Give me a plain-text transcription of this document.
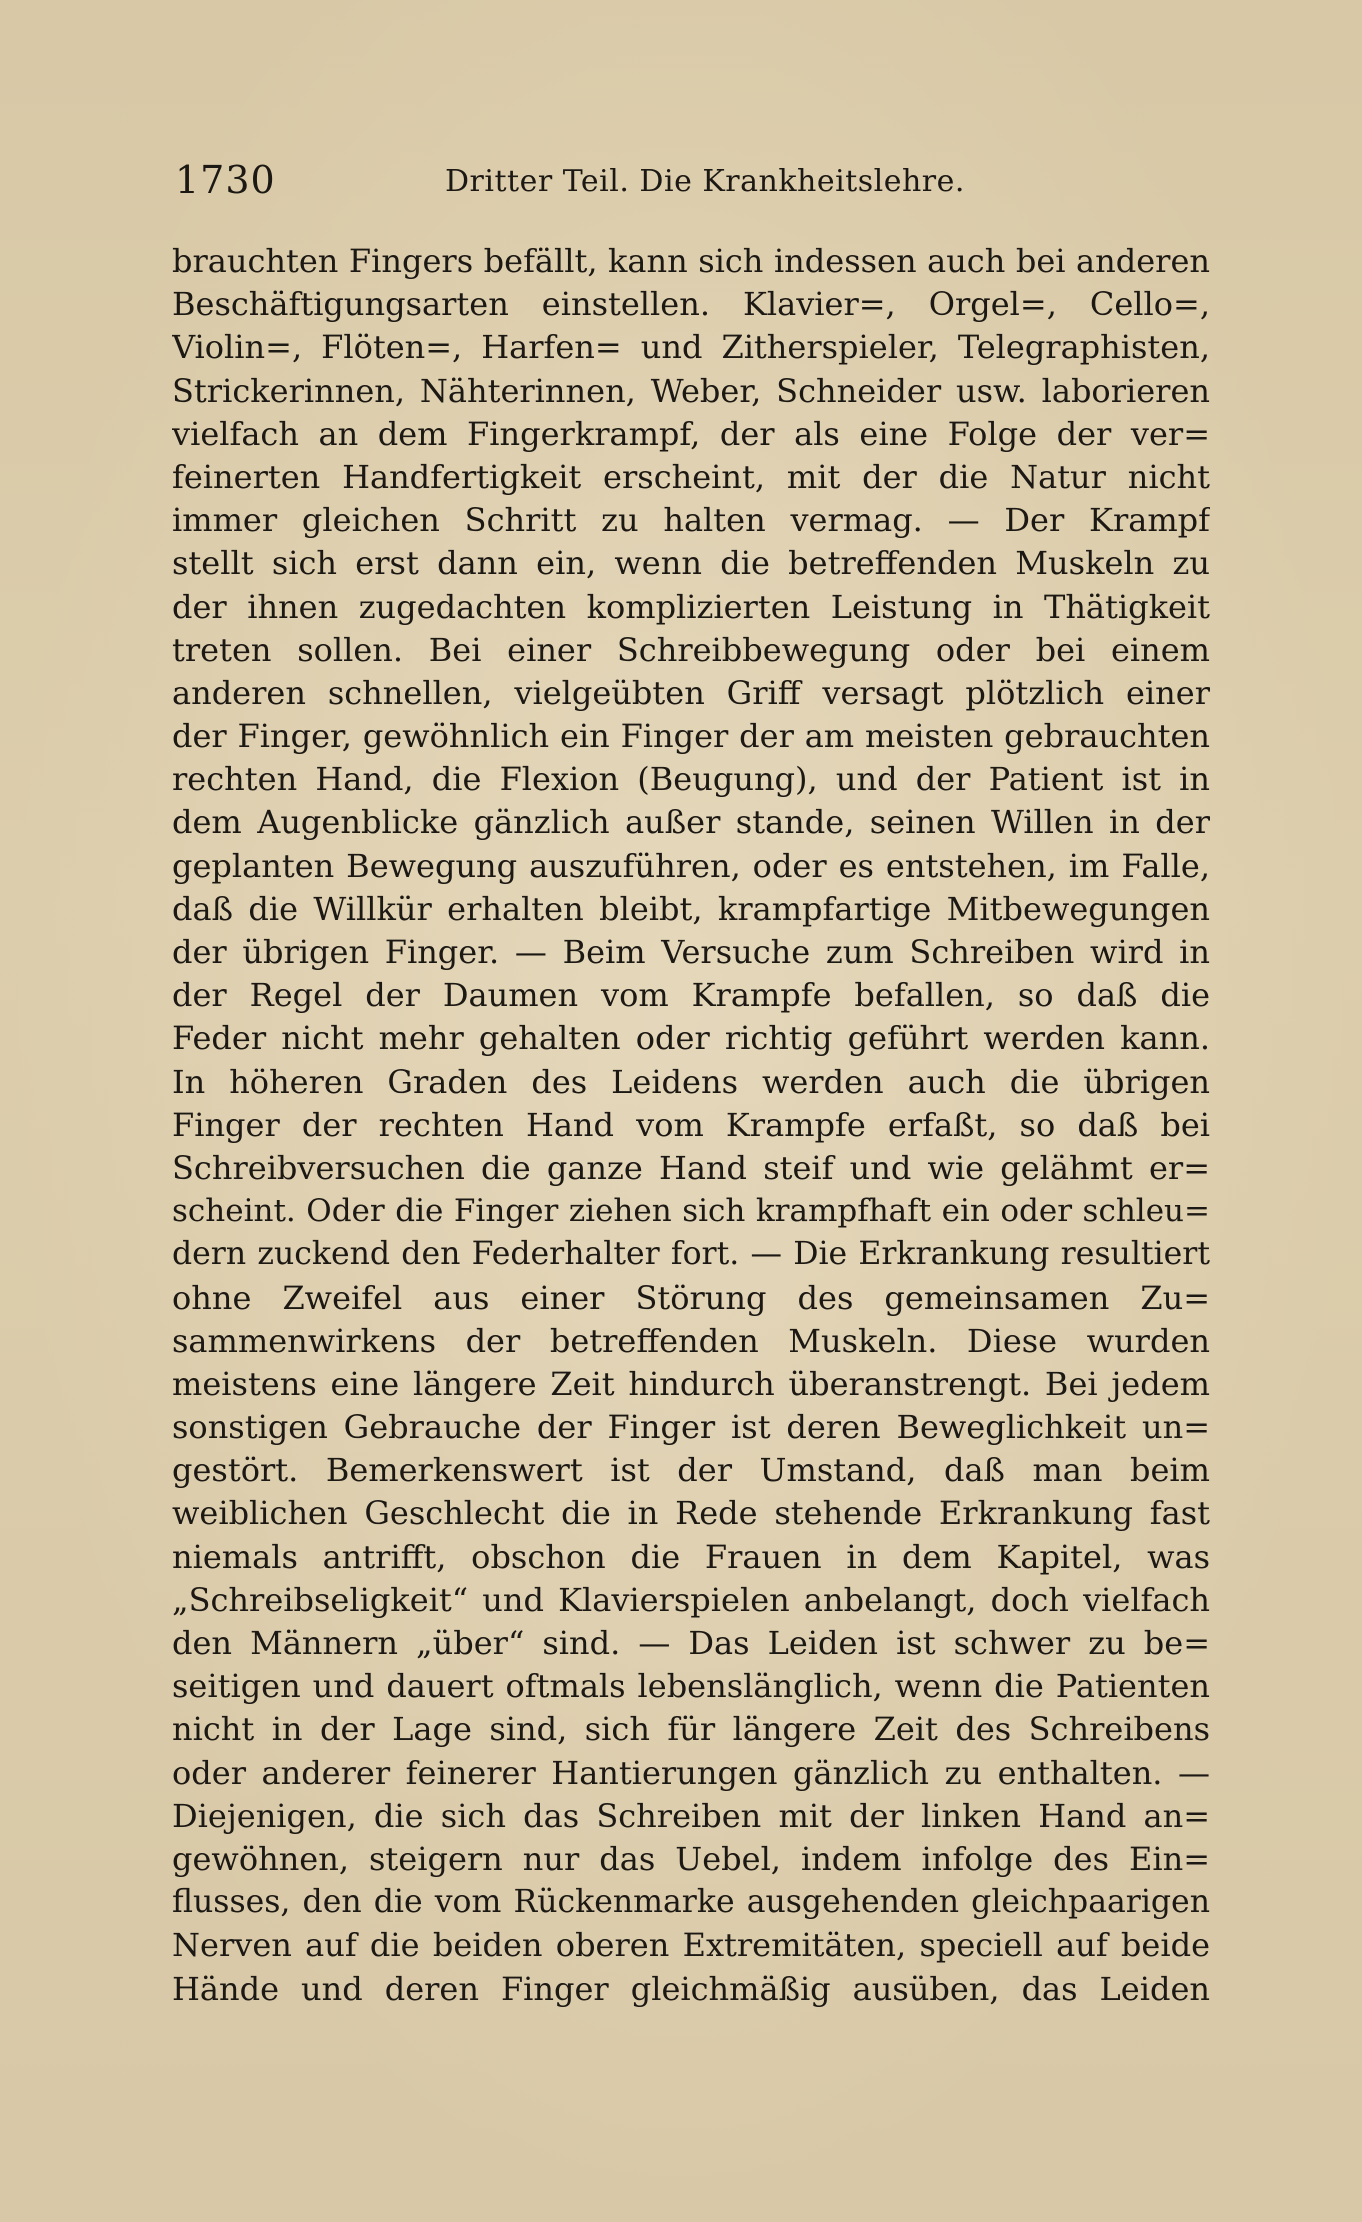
1730	Dritter Teil. Die Krankheitslehre.
brauchten Fingers befällt, kann sich indessen auch bei anderen
Beschäftigungsarten einstellen. Klavier=, Orgel=, Cello=,
Violin=, Flöten=, Harfen= und Zitherspieler, Telegraphisten,
Strickerinnen, Nähterinnen, Weber, Schneider usw. laborieren
vielfach an dem Fingerkrampf, der als eine Folge der ver=
feinerten Handfertigkeit erscheint, mit der die Natur nicht
immer gleichen Schritt zu halten vermag. — Der Krampf
stellt sich erst dann ein, wenn die betreffenden Muskeln zu
der ihnen zugedachten komplizierten Leistung in Thätigkeit
treten sollen. Bei einer Schreibbewegung oder bei einem
anderen schnellen, vielgeübten Griff versagt plötzlich einer
der Finger, gewöhnlich ein Finger der am meisten gebrauchten
rechten Hand, die Flexion (Beugung), und der Patient ist in
dem Augenblicke gänzlich außer stande, seinen Willen in der
geplanten Bewegung auszuführen, oder es entstehen, im Falle,
daß die Willkür erhalten bleibt, krampfartige Mitbewegungen
der übrigen Finger. — Beim Versuche zum Schreiben wird in
der Regel der Daumen vom Krampfe befallen, so daß die
Feder nicht mehr gehalten oder richtig geführt werden kann.
In höheren Graden des Leidens werden auch die übrigen
Finger der rechten Hand vom Krampfe erfaßt, so daß bei
Schreibversuchen die ganze Hand steif und wie gelähmt er=
scheint. Oder die Finger ziehen sich krampfhaft ein oder schleu=
dern zuckend den Federhalter fort. — Die Erkrankung resultiert
ohne Zweifel aus einer Störung des gemeinsamen Zu=
sammenwirkens der betreffenden Muskeln. Diese wurden
meistens eine längere Zeit hindurch überanstrengt. Bei jedem
sonstigen Gebrauche der Finger ist deren Beweglichkeit un=
gestört. Bemerkenswert ist der Umstand, daß man beim
weiblichen Geschlecht die in Rede stehende Erkrankung fast
niemals antrifft, obschon die Frauen in dem Kapitel, was
„Schreibseligkeit“ und Klavierspielen anbelangt, doch vielfach
den Männern „über“ sind. — Das Leiden ist schwer zu be=
seitigen und dauert oftmals lebenslänglich, wenn die Patienten
nicht in der Lage sind, sich für längere Zeit des Schreibens
oder anderer feinerer Hantierungen gänzlich zu enthalten. —
Diejenigen, die sich das Schreiben mit der linken Hand an=
gewöhnen, steigern nur das Uebel, indem infolge des Ein=
flusses, den die vom Rückenmarke ausgehenden gleichpaarigen
Nerven auf die beiden oberen Extremitäten, speciell auf beide
Hände und deren Finger gleichmäßig ausüben, das Leiden
